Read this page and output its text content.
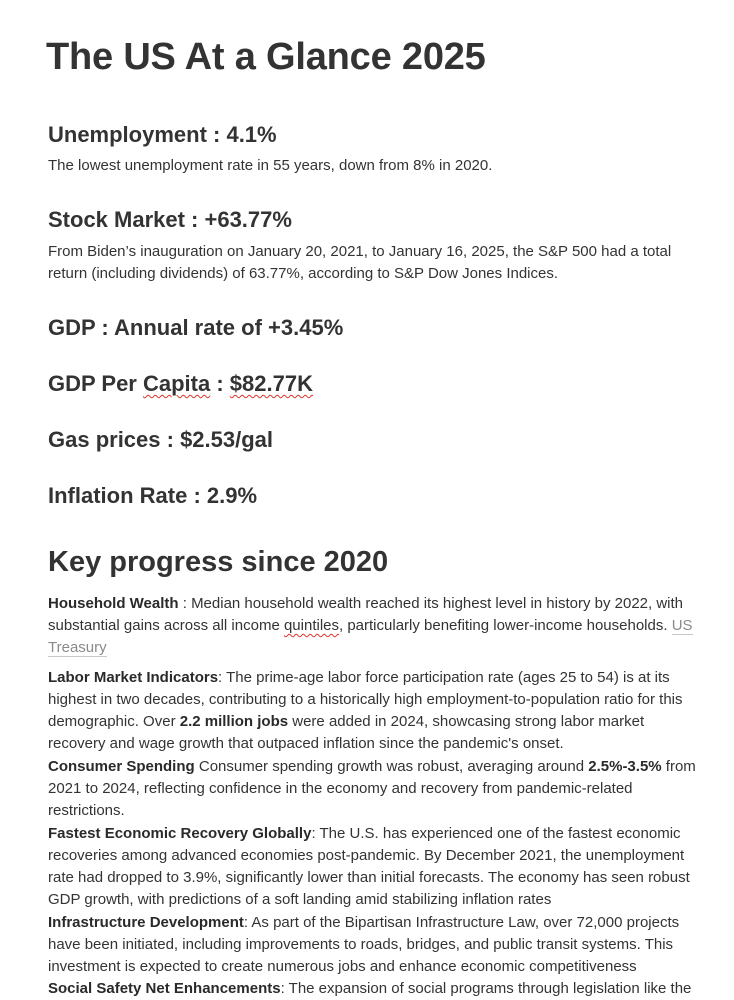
The US At a Glance 2025
Unemployment : 4.1%

The lowest unemployment rate in 55 years, down from 8% in 2020.

Stock Market : +63.77%

From Biden’s inauguration on January 20, 2021, to January 16, 2025, the S&P 500 had a total return (including dividends) of 63.77%, according to S&P Dow Jones Indices.

GDP : Annual rate of +3.45%
GDP Per Capita : $82.77K
Gas prices : $2.53/gal
Inflation Rate : 2.9%
Key progress since 2020

Household Wealth : Median household wealth reached its highest level in history by 2022, with substantial gains across all income quintiles, particularly benefiting lower-income households. US Treasury

Labor Market Indicators: The prime-age labor force participation rate (ages 25 to 54) is at its highest in two decades, contributing to a historically high employment-to-population ratio for this demographic. Over 2.2 million jobs were added in 2024, showcasing strong labor market recovery and wage growth that outpaced inflation since the pandemic's onset.

Consumer Spending Consumer spending growth was robust, averaging around 2.5%-3.5% from 2021 to 2024, reflecting confidence in the economy and recovery from pandemic-related restrictions.

Fastest Economic Recovery Globally: The U.S. has experienced one of the fastest economic recoveries among advanced economies post-pandemic. By December 2021, the unemployment rate had dropped to 3.9%, significantly lower than initial forecasts. The economy has seen robust GDP growth, with predictions of a soft landing amid stabilizing inflation rates

Infrastructure Development: As part of the Bipartisan Infrastructure Law, over 72,000 projects have been initiated, including improvements to roads, bridges, and public transit systems. This investment is expected to create numerous jobs and enhance economic competitiveness

Social Safety Net Enhancements: The expansion of social programs through legislation like the
